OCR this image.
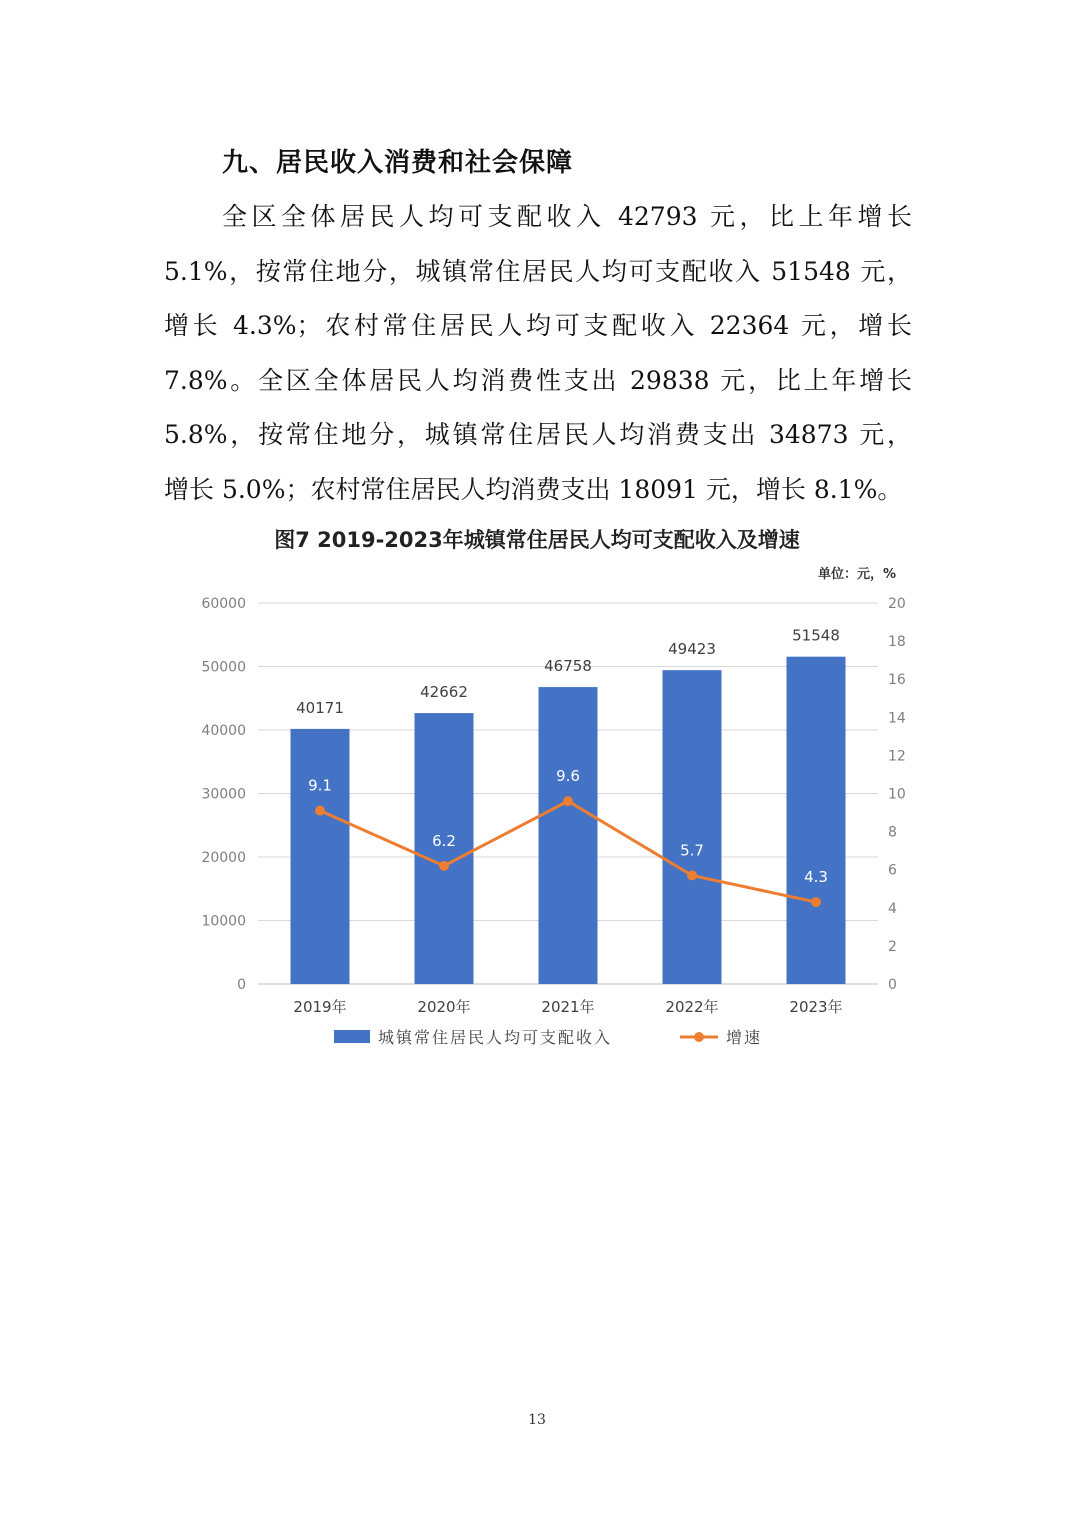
九、居民收入消费和社会保障
全区全体居民人均可支配收入 42793 元，比上年增长
5.1%，按常住地分，城镇常住居民人均可支配收入 51548 元，
增长 4.3%；农村常住居民人均可支配收入 22364 元，增长
7.8%。全区全体居民人均消费性支出 29838 元，比上年增长
5.8%，按常住地分，城镇常住居民人均消费支出 34873 元，
增长 5.0%；农村常住居民人均消费支出 18091 元，增长 8.1%。
图7 2019-2023年城镇常住居民人均可支配收入及增速
单位：元，%
0
10000
20000
30000
40000
50000
60000
0
2
4
6
8
10
12
14
16
18
20
40171
42662
46758
49423
51548
2019年	2020年	2021年	2022年	2023年
9.1
6.2
9.6
5.7
4.3
城镇常住居民人均可支配收入	增速
13
